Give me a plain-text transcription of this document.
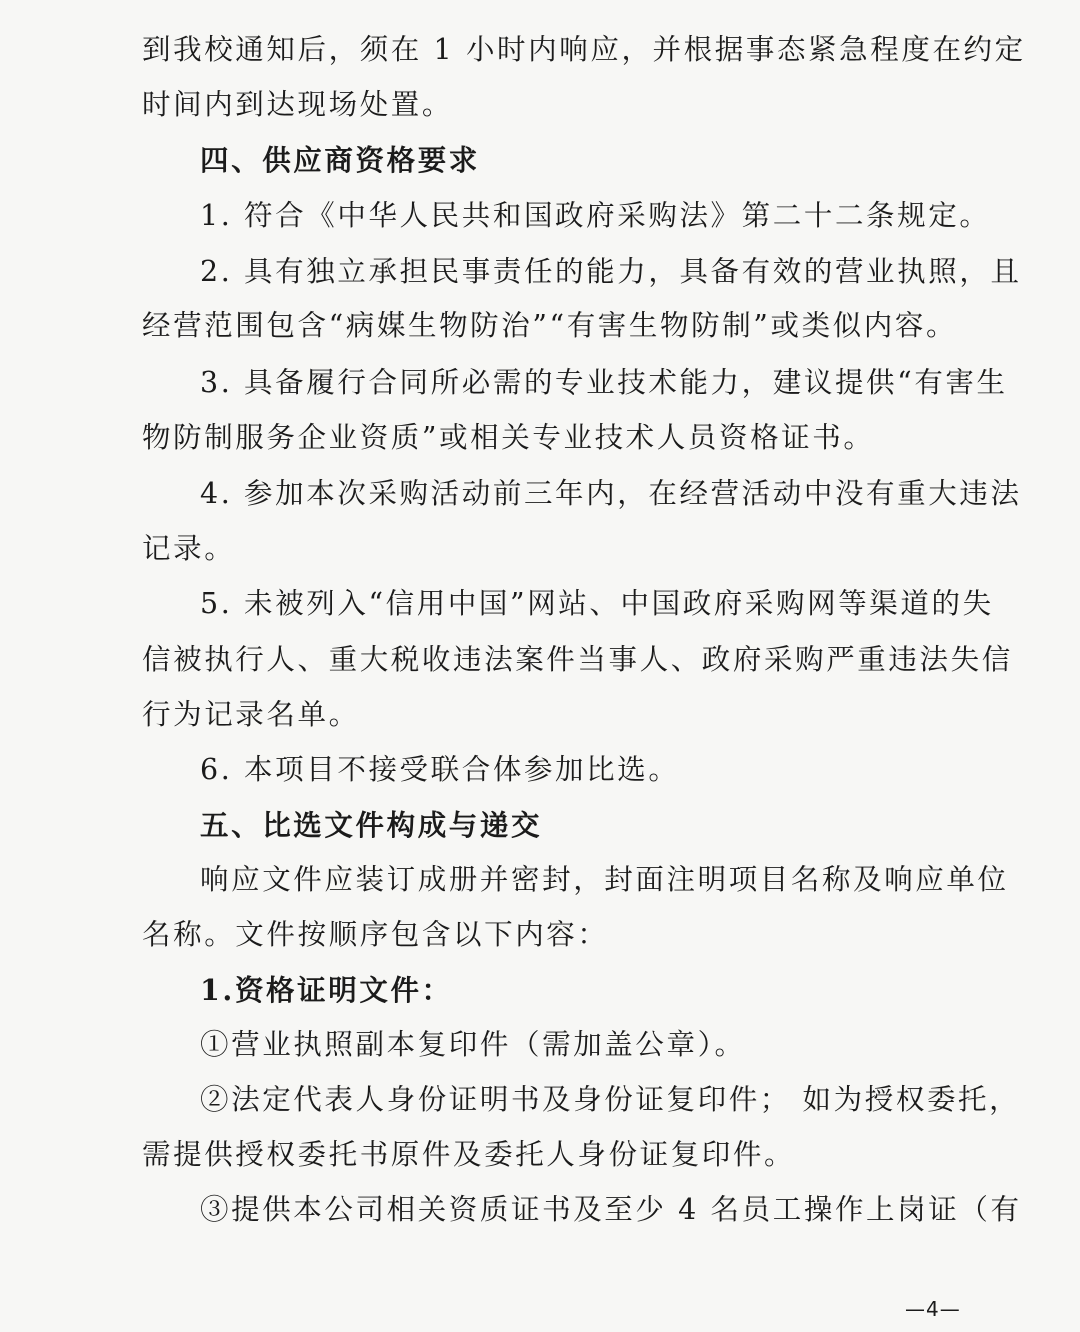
到我校通知后，须在 1 小时内响应，并根据事态紧急程度在约定
时间内到达现场处置。
四、供应商资格要求
1. 符合《中华人民共和国政府采购法》第二十二条规定。
2. 具有独立承担民事责任的能力，具备有效的营业执照，且
经营范围包含“病媒生物防治”“有害生物防制”或类似内容。
3. 具备履行合同所必需的专业技术能力，建议提供“有害生
物防制服务企业资质”或相关专业技术人员资格证书。
4. 参加本次采购活动前三年内，在经营活动中没有重大违法
记录。
5. 未被列入“信用中国”网站、中国政府采购网等渠道的失
信被执行人、重大税收违法案件当事人、政府采购严重违法失信
行为记录名单。
6. 本项目不接受联合体参加比选。
五、比选文件构成与递交
响应文件应装订成册并密封，封面注明项目名称及响应单位
名称。文件按顺序包含以下内容：
1.资格证明文件：
①营业执照副本复印件（需加盖公章）。
②法定代表人身份证明书及身份证复印件； 如为授权委托，
需提供授权委托书原件及委托人身份证复印件。
③提供本公司相关资质证书及至少 4 名员工操作上岗证（有
—4—
